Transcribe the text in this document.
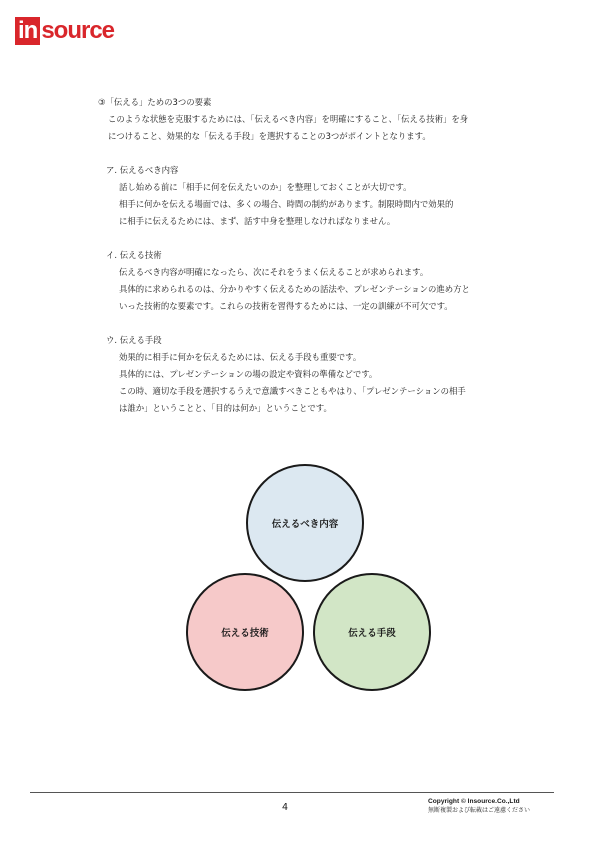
in source

③「伝える」ための3つの要素

このような状態を克服するためには、「伝えるべき内容」を明確にすること、「伝える技術」を身

につけること、効果的な「伝える手段」を選択することの3つがポイントとなります。

ア. 伝えるべき内容

話し始める前に「相手に何を伝えたいのか」を整理しておくことが大切です。

相手に何かを伝える場面では、多くの場合、時間の制約があります。制限時間内で効果的

に相手に伝えるためには、まず、話す中身を整理しなければなりません。

イ. 伝える技術

伝えるべき内容が明確になったら、次にそれをうまく伝えることが求められます。

具体的に求められるのは、分かりやすく伝えるための話法や、プレゼンテーションの進め方と

いった技術的な要素です。これらの技術を習得するためには、一定の訓練が不可欠です。

ウ. 伝える手段

効果的に相手に何かを伝えるためには、伝える手段も重要です。

具体的には、プレゼンテーションの場の設定や資料の準備などです。

この時、適切な手段を選択するうえで意識すべきこともやはり、「プレゼンテーションの相手

は誰か」ということと、「目的は何か」ということです。

伝えるべき内容
伝える技術	伝える手段
4
Copyright © Insource.Co.,Ltd
無断複製および転載はご遠慮ください
